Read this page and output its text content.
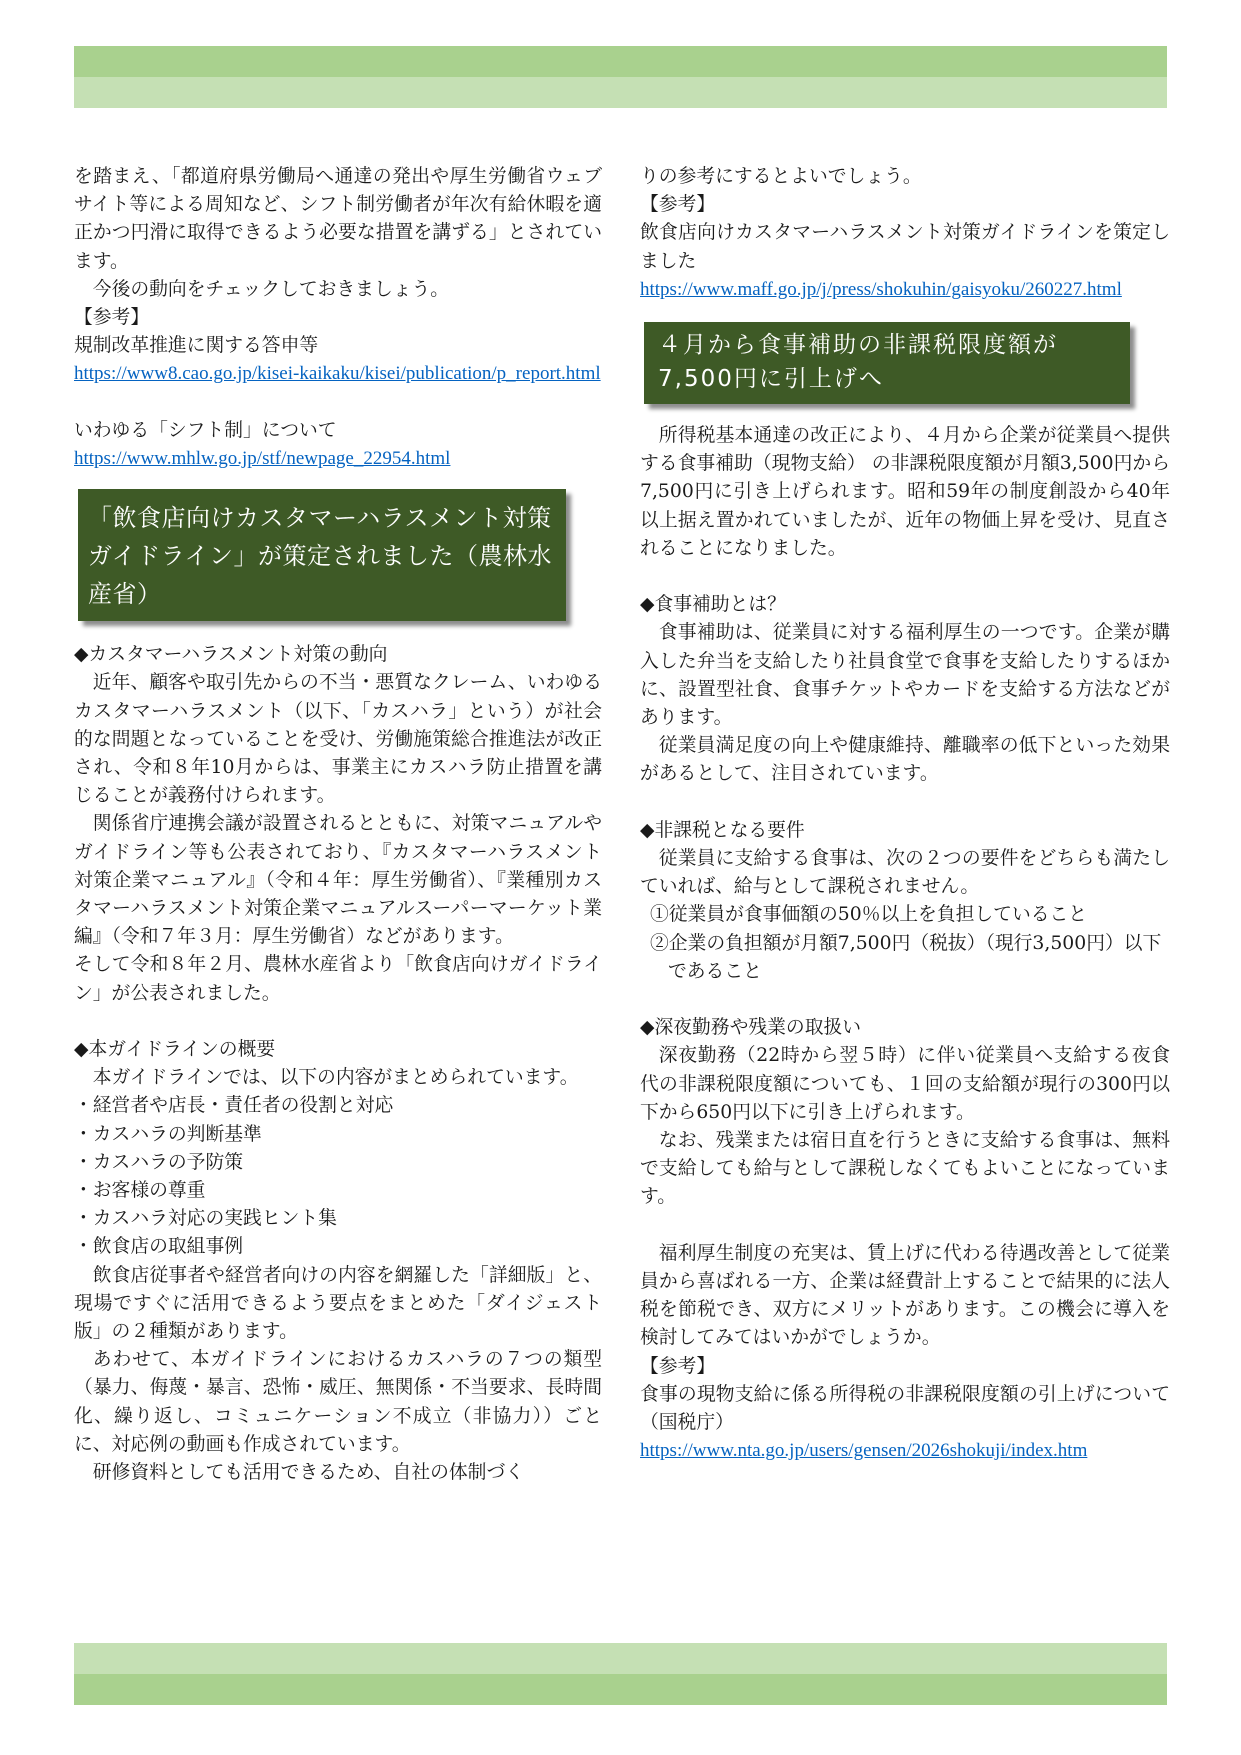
を踏まえ、「都道府県労働局へ通達の発出や厚生労働省ウェブサイト等による周知など、シフト制労働者が年次有給休暇を適正かつ円滑に取得できるよう必要な措置を講ずる」とされています。

今後の動向をチェックしておきましょう。

【参考】

規制改革推進に関する答申等

https://www8.cao.go.jp/kisei-kaikaku/kisei/publication/p_report.html

いわゆる「シフト制」について

https://www.mhlw.go.jp/stf/newpage_22954.html
「飲食店向けカスタマーハラスメント対策ガイドライン」が策定されました（農林水産省）

◆カスタマーハラスメント対策の動向

近年、顧客や取引先からの不当・悪質なクレーム、いわゆるカスタマーハラスメント（以下、「カスハラ」という）が社会的な問題となっていることを受け、労働施策総合推進法が改正され、令和８年10月からは、事業主にカスハラ防止措置を講じることが義務付けられます。

関係省庁連携会議が設置されるとともに、対策マニュアルやガイドライン等も公表されており、『カスタマーハラスメント対策企業マニュアル』（令和４年：厚生労働省）、『業種別カスタマーハラスメント対策企業マニュアルスーパーマーケット業編』（令和７年３月：厚生労働省）などがあります。

そして令和８年２月、農林水産省より「飲食店向けガイドライン」が公表されました。

◆本ガイドラインの概要

本ガイドラインでは、以下の内容がまとめられています。

・経営者や店長・責任者の役割と対応

・カスハラの判断基準

・カスハラの予防策

・お客様の尊重

・カスハラ対応の実践ヒント集

・飲食店の取組事例

飲食店従事者や経営者向けの内容を網羅した「詳細版」と、現場ですぐに活用できるよう要点をまとめた「ダイジェスト版」の２種類があります。

あわせて、本ガイドラインにおけるカスハラの７つの類型（暴力、侮蔑・暴言、恐怖・威圧、無関係・不当要求、長時間化、繰り返し、コミュニケーション不成立（非協力））ごとに、対応例の動画も作成されています。

研修資料としても活用できるため、自社の体制づく

りの参考にするとよいでしょう。

【参考】

飲食店向けカスタマーハラスメント対策ガイドラインを策定しました

https://www.maff.go.jp/j/press/shokuhin/gaisyoku/260227.html
４月から食事補助の非課税限度額が7,500円に引上げへ

所得税基本通達の改正により、４月から企業が従業員へ提供する食事補助（現物支給） の非課税限度額が月額3,500円から7,500円に引き上げられます。昭和59年の制度創設から40年以上据え置かれていましたが、近年の物価上昇を受け、見直されることになりました。

◆食事補助とは？

食事補助は、従業員に対する福利厚生の一つです。企業が購入した弁当を支給したり社員食堂で食事を支給したりするほかに、設置型社食、食事チケットやカードを支給する方法などがあります。

従業員満足度の向上や健康維持、離職率の低下といった効果があるとして、注目されています。

◆非課税となる要件

従業員に支給する食事は、次の２つの要件をどちらも満たしていれば、給与として課税されません。

①従業員が食事価額の50％以上を負担していること

②企業の負担額が月額7,500円（税抜）（現行3,500円）以下であること

◆深夜勤務や残業の取扱い

深夜勤務（22時から翌５時）に伴い従業員へ支給する夜食代の非課税限度額についても、１回の支給額が現行の300円以下から650円以下に引き上げられます。

なお、残業または宿日直を行うときに支給する食事は、無料で支給しても給与として課税しなくてもよいことになっています。

福利厚生制度の充実は、賃上げに代わる待遇改善として従業員から喜ばれる一方、企業は経費計上することで結果的に法人税を節税でき、双方にメリットがあります。この機会に導入を検討してみてはいかがでしょうか。

【参考】

食事の現物支給に係る所得税の非課税限度額の引上げについて（国税庁）

https://www.nta.go.jp/users/gensen/2026shokuji/index.htm
